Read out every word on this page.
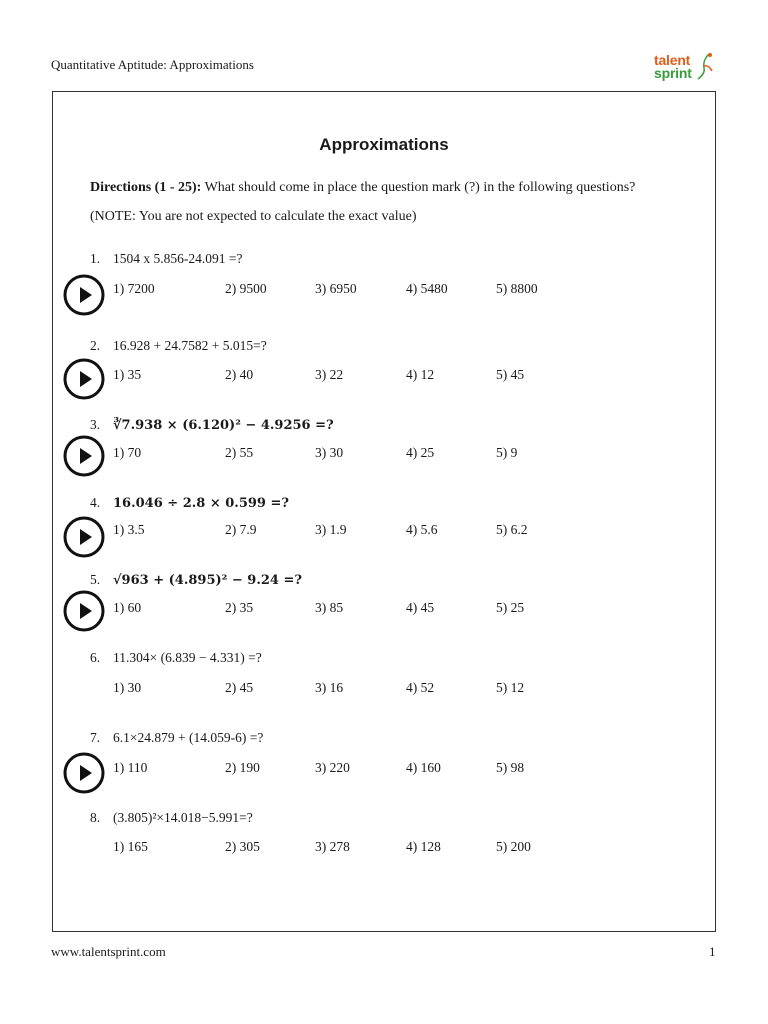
Quantitative Aptitude: Approximations	talent
sprint
Approximations
Directions (1 - 25): What should come in place the question mark (?) in the following questions?
(NOTE: You are not expected to calculate the exact value)
1. 1504 x 5.856-24.091 =?
1) 7200	2) 9500	3) 6950	4) 5480	5) 8800
2. 16.928 + 24.7582 + 5.015=?
1) 35	2) 40	3) 22	4) 12	5) 45
3. ∛7.938 × (6.120)² − 4.9256 =?
1) 70	2) 55	3) 30	4) 25	5) 9
4. 16.046 ÷ 2.8 × 0.599 =?
1) 3.5	2) 7.9	3) 1.9	4) 5.6	5) 6.2
5. √963 + (4.895)² − 9.24 =?
1) 60	2) 35	3) 85	4) 45	5) 25
6. 11.304× (6.839 − 4.331) =?
1) 30	2) 45	3) 16	4) 52	5) 12
7. 6.1×24.879 + (14.059-6) =?
1) 110	2) 190	3) 220	4) 160	5) 98
8. (3.805)²×14.018−5.991=?
1) 165	2) 305	3) 278	4) 128	5) 200
www.talentsprint.com	1
